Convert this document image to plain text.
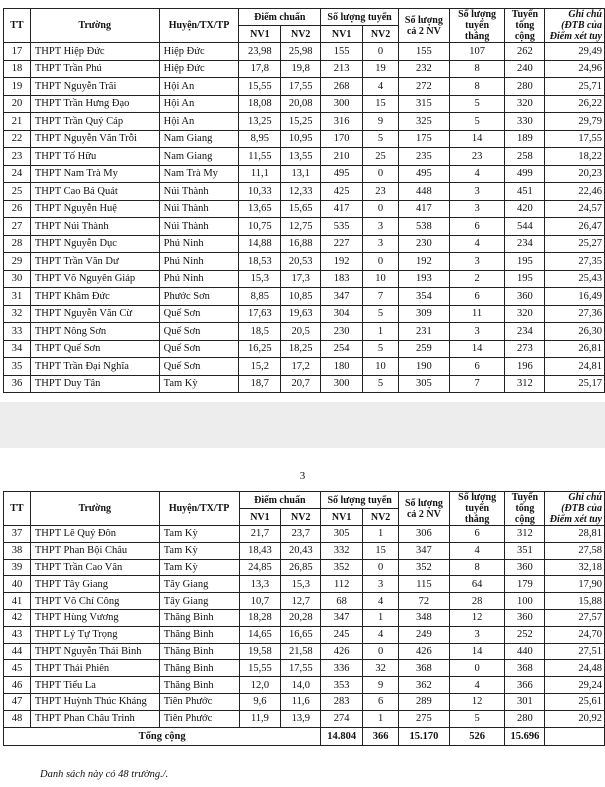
TT	Trường	Huyện/TX/TP	Điểm chuẩn		Số lượng tuyển		Số lượng cả 2 NV	Số lượng tuyển thẳng	Tuyển tổng cộng	Ghi chú (ĐTB của Điểm xét tuy
			NV1	NV2	NV1	NV2				
17	THPT Hiệp Đức	Hiệp Đức	23,98	25,98	155	0	155	107	262	29,49
18	THPT Trần Phú	Hiệp Đức	17,8	19,8	213	19	232	8	240	24,96
19	THPT Nguyễn Trãi	Hội An	15,55	17,55	268	4	272	8	280	25,71
20	THPT Trần Hưng Đạo	Hội An	18,08	20,08	300	15	315	5	320	26,22
21	THPT Trần Quý Cáp	Hội An	13,25	15,25	316	9	325	5	330	29,79
22	THPT Nguyễn Văn Trỗi	Nam Giang	8,95	10,95	170	5	175	14	189	17,55
23	THPT Tố Hữu	Nam Giang	11,55	13,55	210	25	235	23	258	18,22
24	THPT Nam Trà My	Nam Trà My	11,1	13,1	495	0	495	4	499	20,23
25	THPT Cao Bá Quát	Núi Thành	10,33	12,33	425	23	448	3	451	22,46
26	THPT Nguyễn Huệ	Núi Thành	13,65	15,65	417	0	417	3	420	24,57
27	THPT Núi Thành	Núi Thành	10,75	12,75	535	3	538	6	544	26,47
28	THPT Nguyễn Dục	Phú Ninh	14,88	16,88	227	3	230	4	234	25,27
29	THPT Trần Văn Dư	Phú Ninh	18,53	20,53	192	0	192	3	195	27,35
30	THPT Võ Nguyên Giáp	Phú Ninh	15,3	17,3	183	10	193	2	195	25,43
31	THPT Khâm Đức	Phước Sơn	8,85	10,85	347	7	354	6	360	16,49
32	THPT Nguyễn Văn Cừ	Quế Sơn	17,63	19,63	304	5	309	11	320	27,36
33	THPT Nông Sơn	Quế Sơn	18,5	20,5	230	1	231	3	234	26,30
34	THPT Quế Sơn	Quế Sơn	16,25	18,25	254	5	259	14	273	26,81
35	THPT Trần Đại Nghĩa	Quế Sơn	15,2	17,2	180	10	190	6	196	24,81
36	THPT Duy Tân	Tam Kỳ	18,7	20,7	300	5	305	7	312	25,17
3
TT	Trường	Huyện/TX/TP	Điểm chuẩn		Số lượng tuyển		Số lượng cả 2 NV	Số lượng tuyển thẳng	Tuyển tổng cộng	Ghi chú (ĐTB của Điểm xét tuy
			NV1	NV2	NV1	NV2				
37	THPT Lê Quý Đôn	Tam Kỳ	21,7	23,7	305	1	306	6	312	28,81
38	THPT Phan Bội Châu	Tam Kỳ	18,43	20,43	332	15	347	4	351	27,58
39	THPT Trần Cao Vân	Tam Kỳ	24,85	26,85	352	0	352	8	360	32,18
40	THPT Tây Giang	Tây Giang	13,3	15,3	112	3	115	64	179	17,90
41	THPT Võ Chí Công	Tây Giang	10,7	12,7	68	4	72	28	100	15,88
42	THPT Hùng Vương	Thăng Bình	18,28	20,28	347	1	348	12	360	27,57
43	THPT Lý Tự Trọng	Thăng Bình	14,65	16,65	245	4	249	3	252	24,70
44	THPT Nguyễn Thái Bình	Thăng Bình	19,58	21,58	426	0	426	14	440	27,51
45	THPT Thái Phiên	Thăng Bình	15,55	17,55	336	32	368	0	368	24,48
46	THPT Tiểu La	Thăng Bình	12,0	14,0	353	9	362	4	366	29,24
47	THPT Huỳnh Thúc Kháng	Tiên Phước	9,6	11,6	283	6	289	12	301	25,61
48	THPT Phan Châu Trinh	Tiên Phước	11,9	13,9	274	1	275	5	280	20,92
Tổng cộng					14.804	366	15.170	526	15.696	
Danh sách này có 48 trường./.
